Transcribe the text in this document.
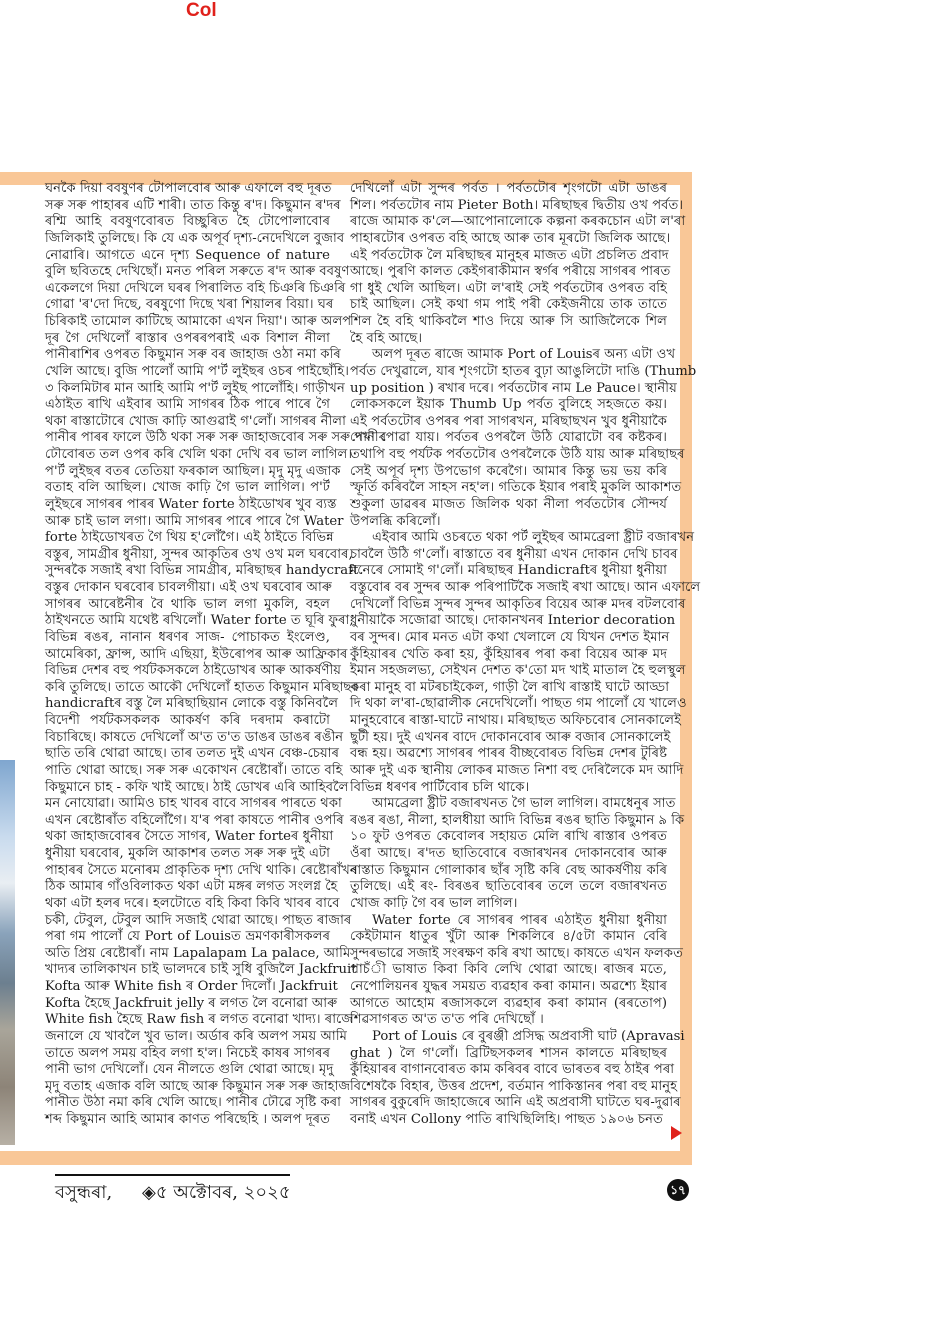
Col
ঘনকৈ দিয়া ববষুণৰ টোপালবোৰ আৰু এফালে বহু দূৰত
সৰু সৰু পাহাৰৰ এটি শাৰী। তাত কিন্তু ৰ'দ। কিছুমান ৰ'দৰ
ৰশ্মি আহি ববষুণবোৰত বিচ্ছুৰিত হৈ টোপোলাবোৰ
জিলিকাই তুলিছে। কি যে এক অপূৰ্ব দৃশ্য-নেদেখিলে বুজাব
নোৱাৰি। আগতে এনে দৃশ্য Sequence of nature
বুলি ছবিতহে দেখিছোঁ। মনত পৰিল সৰুতে ৰ'দ আৰু ববষুণ
একেলগে দিয়া দেখিলে ঘৰৰ পিৰালিত বহি চিঞৰি চিঞৰি
গোৱা 'ৰ'দো দিছে, বৰষুণো দিছে খৰা শিয়ালৰ বিয়া। ঘৰ
চিৰিকাই তামোল কাটিছে আমাকো এখন দিয়া'। আৰু অলপ
দূৰ গৈ দেখিলোঁ ৰাস্তাৰ ওপৰৰপৰাই এক বিশাল নীলা
পানীৰাশিৰ ওপৰত কিছুমান সৰু বৰ জাহাজ ওঠা নমা কৰি
খেলি আছে। বুজি পালোঁ আমি প'ৰ্ট লুইছৰ ওচৰ পাইছোঁহি।
৩ কিলমিটাৰ মান আহি আমি প'ৰ্ট লুইছ পালোঁহি। গাড়ীখন
এঠাইত ৰাখি এইবাৰ আমি সাগৰৰ ঠিক পাৰে পাৰে গৈ
থকা ৰাস্তাটোৰে খোজ কাঢ়ি আগুৱাই গ'লোঁ। সাগৰৰ নীলা
পানীৰ পাৰৰ ফালে উঠি থকা সৰু সৰু জাহাজবোৰ সৰু সৰু পানীৰ
ঢৌবোৰত তল ওপৰ কৰি খেলি থকা দেখি বৰ ভাল লাগিল।
প'ৰ্ট লুইছৰ বতৰ তেতিয়া ফৰকাল আছিল। মৃদু মৃদু এজাক
বতাহ বলি আছিল। খোজ কাঢ়ি গৈ ভাল লাগিল। প'ৰ্ট
লুইছৰে সাগৰৰ পাৰৰ Water forte ঠাইডোখৰ খুব ব্যস্ত
আৰু চাই ভাল লগা। আমি সাগৰৰ পাৰে পাৰে গৈ Water
forte ঠাইডোখৰত গৈ থিয় হ'লোঁগৈ। এই ঠাইতে বিভিন্ন
বস্তুৰ, সামগ্ৰীৰ ধুনীয়া, সুন্দৰ আকৃতিৰ ওখ ওখ মল ঘৰবোৰ,
সুন্দৰকৈ সজাই ৰখা বিভিন্ন সামগ্ৰীৰ, মৰিছাছৰ handycraft
বস্তুৰ দোকান ঘৰবোৰ চাবলগীয়া। এই ওখ ঘৰবোৰ আৰু
সাগৰৰ আৰেষ্টনীৰ বৈ থাকি ভাল লগা মুকলি, বহল
ঠাইখনতে আমি যথেষ্ট ৰখিলোঁ। Water forte ত ঘূৰি ফুৰা,
বিভিন্ন ৰঙৰ, নানান ধৰণৰ সাজ- পোচাকত ইংলেণ্ড,
আমেৰিকা, ফ্ৰান্স, আদি এছিয়া, ইউৰোপৰ আৰু আফ্ৰিকাৰ
বিভিন্ন দেশৰ বহু পৰ্যটকসকলে ঠাইডোখৰ আৰু আকৰ্ষণীয়
কৰি তুলিছে। তাতে আকৌ দেখিলোঁ হাতত কিছুমান মৰিছাছৰ
handicraftৰ বস্তু লৈ মৰিছাছিয়ান লোকে বস্তু কিনিবলৈ
বিদেশী পৰ্যটকসকলক আকৰ্ষণ কৰি দৰদাম কৰাটো
বিচাৰিছে। কাষতে দেখিলোঁ অ'ত ত'ত ডাঙৰ ডাঙৰ ৰঙীন
ছাতি তৰি থোৱা আছে। তাৰ তলত দুই এখন বেঞ্চ-চেয়াৰ
পাতি থোৱা আছে। সৰু সৰু একোখন ৰেষ্টোৰাঁ। তাতে বহি
কিছুমানে চাহ - কফি খাই আছে। ঠাই ডোখৰ এৰি আহিবলৈ
মন নোযোৱা। আমিও চাহ খাবৰ বাবে সাগৰৰ পাৰতে থকা
এখন ৰেষ্টোৰাঁত বহিলোঁগৈ। য'ৰ পৰা কাষতে পানীৰ ওপৰি
থকা জাহাজবোৰৰ সৈতে সাগৰ, Water forteৰ ধুনীয়া
ধুনীয়া ঘৰবোৰ, মুকলি আকাশৰ তলত সৰু সৰু দুই এটা
পাহাৰৰ সৈতে মনোৰম প্ৰাকৃতিক দৃশ্য দেখি থাকি। ৰেষ্টোৰাঁখন
ঠিক আমাৰ গাঁওবিলাকত থকা এটা মঙ্গৰ লগত সংলগ্ন হৈ
থকা এটা হলৰ দৰে। হলটোতে বহি কিবা কিবি খাবৰ বাবে
চকী, টেবুল, টেবুল আদি সজাই থোৱা আছে। পাছত ৰাজাৰ
পৰা গম পালোঁ যে Port of Louisত ভ্ৰমণকাৰীসকলৰ
অতি প্ৰিয় ৰেষ্টোৰাঁ। নাম Lapalapam La palace, আমি
খাদ্যৰ তালিকাখন চাই ভালদৰে চাই সুধি বুজিলৈ Jackfruit
Kofta আৰু White fish ৰ Order দিলোঁ। Jackfruit
Kofta হৈছে Jackfruit jelly ৰ লগত লৈ বনোৱা আৰু
White fish হৈছে Raw fish ৰ লগত বনোৱা খাদ্য। ৰাজে
জনালে যে খাবলৈ খুব ভাল। অৰ্ডাৰ কৰি অলপ সময় আমি
তাতে অলপ সময় বহিব লগা হ'ল। নিচেই কাষৰ সাগৰৰ
পানী ভাগ দেখিলোঁ। যেন নীলতে গুলি থোৱা আছে। মৃদু
মৃদু বতাহ এজাক বলি আছে আৰু কিছুমান সৰু সৰু জাহাজ
পানীত উঠা নমা কৰি খেলি আছে। পানীৰ ঢৌৱে সৃষ্টি কৰা
শব্দ কিছুমান আহি আমাৰ কাণত পৰিছেহি । অলপ দূৰত
দেখিলোঁ এটা সুন্দৰ পৰ্বত । পৰ্বতটোৰ শৃংগটো এটা ডাঙৰ
শিল। পৰ্বতটোৰ নাম Pieter Both। মৰিছাছৰ দ্বিতীয় ওখ পৰ্বত।
ৰাজে আমাক ক'লে—আপোনালোকে কল্পনা কৰকচোন এটা ল'ৰা
পাহাৰটোৰ ওপৰত বহি আছে আৰু তাৰ মূৰটো জিলিক আছে।
এই পৰ্বতটোক লৈ মৰিছাছৰ মানুহৰ মাজত এটা প্ৰচলিত প্ৰবাদ
আছে। পুৰণি কালত কেইগৰাকীমান স্বৰ্গৰ পৰীয়ে সাগৰৰ পাৰত
গা ধুই খেলি আছিল। এটা ল'ৰাই সেই পৰ্বতটোৰ ওপৰত বহি
চাই আছিল। সেই কথা গম পাই পৰী কেইজনীয়ে তাক তাতে
শিল হৈ বহি থাকিবলৈ শাও দিয়ে আৰু সি আজিলৈকে শিল
হৈ বহি আছে।
অলপ দূৰত ৰাজে আমাক Port of Louisৰ অন্য এটা ওখ
পৰ্বত দেখুৱালে, যাৰ শৃংগটো হাতৰ বুঢ়া আঙুলিটো দাঙি (Thumb
up position ) ৰখাৰ দৰে। পৰ্বতটোৰ নাম Le Pauce। স্থানীয়
লোকসকলে ইয়াক Thumb Up পৰ্বত বুলিহে সহজতে কয়।
এই পৰ্বতটোৰ ওপৰৰ পৰা সাগৰখন, মৰিছাছখন খুব ধুনীয়াকৈ
দেখা পোৱা যায়। পৰ্বতৰ ওপৰলৈ উঠি যোৱাটো বৰ কষ্টকৰ।
তথাপি বহু পৰ্যটক পৰ্বতটোৰ ওপৰলৈকে উঠি যায় আৰু মৰিছাছৰ
সেই অপূৰ্ব দৃশ্য উপভোগ কৰেগৈ। আমাৰ কিন্তু ভয় ভয় কৰি
স্ফূৰ্তি কৰিবলৈ সাহস নহ'ল। গতিকে ইয়াৰ পৰাই মুকলি আকাশত
শুকুলা ডাৱৰৰ মাজত জিলিক থকা নীলা পৰ্বতটোৰ সৌন্দৰ্য
উপলব্ধি কৰিলোঁ।
এইবাৰ আমি ওচৰতে থকা পৰ্ট লুইছৰ আমব্ৰেলা ষ্ট্ৰীট বজাৰখন
চাবলৈ উঠি গ'লোঁ। ৰাস্তাতে বৰ ধুনীয়া এখন দোকান দেখি চাবৰ
মনেৰে সোমাই গ'লোঁ। মৰিছাছৰ Handicraftৰ ধুনীয়া ধুনীয়া
বস্তুবোৰ বৰ সুন্দৰ আৰু পৰিপাটিকৈ সজাই ৰখা আছে। আন এফালে
দেখিলোঁ বিভিন্ন সুন্দৰ সুন্দৰ আকৃতিৰ বিয়েৰ আৰু মদৰ বটলবোৰ
ধুনীয়াকৈ সজোৱা আছে। দোকানখনৰ Interior decoration
বৰ সুন্দৰ। মোৰ মনত এটা কথা খেলালে যে যিখন দেশত ইমান
কুঁহিয়াৰৰ খেতি কৰা হয়, কুঁহিয়াৰৰ পৰা কৰা বিয়েৰ আৰু মদ
ইমান সহজলভ্য, সেইখন দেশত ক'তো মদ খাই মাতাল হৈ হুলস্থুল
কৰা মানুহ বা মটৰচাইকেল, গাড়ী লৈ ৰাখি ৰাস্তাই ঘাটে আড্ডা
দি থকা ল'ৰা-ছোৱালীক নেদেখিলোঁ। পাছত গম পালোঁ যে খালেও
মানুহবোৰে ৰাস্তা-ঘাটে নাথায়। মৰিছাছত অফিচবোৰ সোনকালেই
ছুটী হয়। দুই এখনৰ বাদে দোকানবোৰ আৰু বজাৰ সোনকালেই
বন্ধ হয়। অৱশ্যে সাগৰৰ পাৰৰ বীচ্ছবোৰত বিভিন্ন দেশৰ টুৰিষ্ট
আৰু দুই এক স্থানীয় লোকৰ মাজত নিশা বহু দেৰিলৈকে মদ আদি
বিভিন্ন ধৰণৰ পাৰ্টিবোৰ চলি থাকে।
আমব্ৰেলা ষ্ট্ৰীট বজাৰখনত গৈ ভাল লাগিল। বামধেনুৰ সাত
ৰঙৰ ৰঙা, নীলা, হালধীয়া আদি বিভিন্ন ৰঙৰ ছাতি কিছুমান ৯ কি
১০ ফুট ওপৰত কেবোলৰ সহায়ত মেলি ৰাখি ৰাস্তাৰ ওপৰত
ওঁৰা আছে। ৰ'দত ছাতিবোৰে বজাৰখনৰ দোকানবোৰ আৰু
ৰাস্তাত কিছুমান গোলাকাৰ ছাঁৰ সৃষ্টি কৰি বেছ আকৰ্ষণীয় কৰি
তুলিছে। এই ৰং- বিৰঙৰ ছাতিবোৰৰ তলে তলে বজাৰখনত
খোজ কাঢ়ি গৈ বৰ ভাল লাগিল।
Water forte ৰে সাগৰৰ পাৰৰ এঠাইত ধুনীয়া ধুনীয়া
কেইটামান ধাতুৰ খুঁটা আৰু শিকলিৰে ৪/৫টা কামান বেৰি
সুন্দৰভাৱে সজাই সংৰক্ষণ কৰি ৰখা আছে। কাষতে এখন ফলকত
পাচঁী ভাষাত কিবা কিবি লেখি থোৱা আছে। ৰাজৰ মতে,
নেপোলিয়নৰ যুদ্ধৰ সময়ত ব্যৱহাৰ কৰা কামান। অৱশ্যে ইয়াৰ
আগতে আহোম ৰজাসকলে ব্যৱহাৰ কৰা কামান (ৰৰতোপ)
শিৱসাগৰত অ'ত ত'ত পৰি দেখিছোঁ ।
Port of Louis ৰে বুৰঞ্জী প্ৰসিদ্ধ অপ্ৰবাসী ঘাট (Apravasi
ghat ) লৈ গ'লোঁ। ব্ৰিটিছসকলৰ শাসন কালতে মৰিছাছৰ
কুঁহিয়াৰৰ বাগানবোৰত কাম কৰিবৰ বাবে ভাৰতৰ বহু ঠাইৰ পৰা
বিশেষকৈ বিহাৰ, উত্তৰ প্ৰদেশ, বৰ্তমান পাকিস্তানৰ পৰা বহু মানুহ
সাগৰৰ বুকুৰেদি জাহাজেৰে আনি এই অপ্ৰবাসী ঘাটতে ঘৰ-দুৱাৰ
বনাই এখন Collony পাতি ৰাখিছিলিহি। পাছত ১৯০৬ চনত
বসুন্ধৰা, ◈৫ অক্টোবৰ, ২০২৫	১৭
